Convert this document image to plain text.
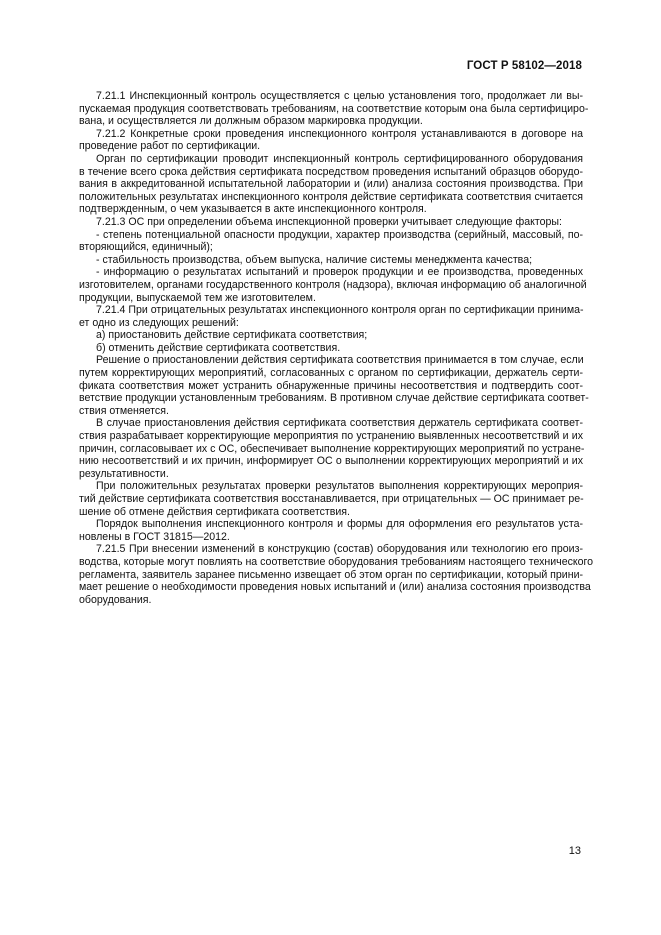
ГОСТ Р 58102—2018

7.21.1 Инспекционный контроль осуществляется с целью установления того, продолжает ли вы-
пускаемая продукция соответствовать требованиям, на соответствие которым она была сертифициро-
вана, и осуществляется ли должным образом маркировка продукции.

7.21.2 Конкретные сроки проведения инспекционного контроля устанавливаются в договоре на
проведение работ по сертификации.

Орган по сертификации проводит инспекционный контроль сертифицированного оборудования
в течение всего срока действия сертификата посредством проведения испытаний образцов оборудо-
вания в аккредитованной испытательной лаборатории и (или) анализа состояния производства. При
положительных результатах инспекционного контроля действие сертификата соответствия считается
подтвержденным, о чем указывается в акте инспекционного контроля.

7.21.3 ОС при определении объема инспекционной проверки учитывает следующие факторы:

- степень потенциальной опасности продукции, характер производства (серийный, массовый, по-
вторяющийся, единичный);

- стабильность производства, объем выпуска, наличие системы менеджмента качества;

- информацию о результатах испытаний и проверок продукции и ее производства, проведенных
изготовителем, органами государственного контроля (надзора), включая информацию об аналогичной
продукции, выпускаемой тем же изготовителем.

7.21.4 При отрицательных результатах инспекционного контроля орган по сертификации принима-
ет одно из следующих решений:

а) приостановить действие сертификата соответствия;

б) отменить действие сертификата соответствия.

Решение о приостановлении действия сертификата соответствия принимается в том случае, если
путем корректирующих мероприятий, согласованных с органом по сертификации, держатель серти-
фиката соответствия может устранить обнаруженные причины несоответствия и подтвердить соот-
ветствие продукции установленным требованиям. В противном случае действие сертификата соответ-
ствия отменяется.

В случае приостановления действия сертификата соответствия держатель сертификата соответ-
ствия разрабатывает корректирующие мероприятия по устранению выявленных несоответствий и их
причин, согласовывает их с ОС, обеспечивает выполнение корректирующих мероприятий по устране-
нию несоответствий и их причин, информирует ОС о выполнении корректирующих мероприятий и их
результативности.

При положительных результатах проверки результатов выполнения корректирующих мероприя-
тий действие сертификата соответствия восстанавливается, при отрицательных — ОС принимает ре-
шение об отмене действия сертификата соответствия.

Порядок выполнения инспекционного контроля и формы для оформления его результатов уста-
новлены в ГОСТ 31815—2012.

7.21.5 При внесении изменений в конструкцию (состав) оборудования или технологию его произ-
водства, которые могут повлиять на соответствие оборудования требованиям настоящего технического
регламента, заявитель заранее письменно извещает об этом орган по сертификации, который прини-
мает решение о необходимости проведения новых испытаний и (или) анализа состояния производства
оборудования.

13
